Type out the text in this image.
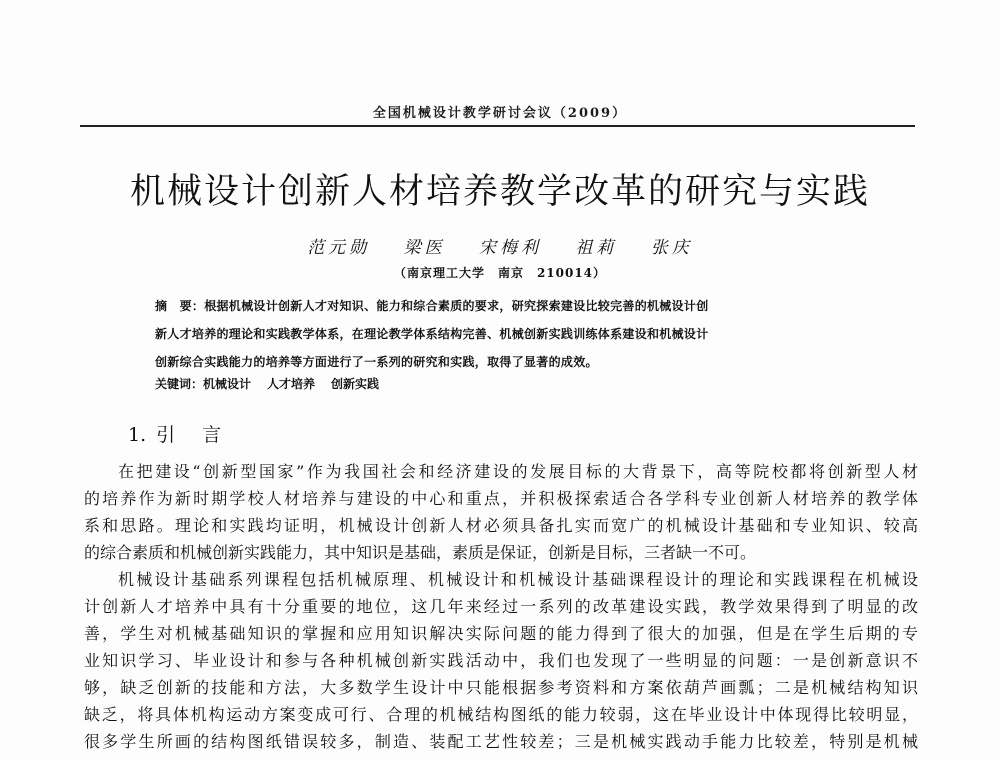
全国机械设计教学研讨会议（2009）
机械设计创新人材培养教学改革的研究与实践
范元勋 梁医 宋梅利 祖莉 张庆
（南京理工大学　南京　210014）
摘　要：根据机械设计创新人才对知识、能力和综合素质的要求，研究探索建设比较完善的机械设计创
新人才培养的理论和实践教学体系，在理论教学体系结构完善、机械创新实践训练体系建设和机械设计
创新综合实践能力的培养等方面进行了一系列的研究和实践，取得了显著的成效。
关键词：机械设计 人才培养 创新实践
1. 引　言
在把建设“创新型国家”作为我国社会和经济建设的发展目标的大背景下，高等院校都将创新型人材
的培养作为新时期学校人材培养与建设的中心和重点，并积极探索适合各学科专业创新人材培养的教学体
系和思路。理论和实践均证明，机械设计创新人材必须具备扎实而宽广的机械设计基础和专业知识、较高
的综合素质和机械创新实践能力，其中知识是基础，素质是保证，创新是目标，三者缺一不可。
机械设计基础系列课程包括机械原理、机械设计和机械设计基础课程设计的理论和实践课程在机械设
计创新人才培养中具有十分重要的地位，这几年来经过一系列的改革建设实践，教学效果得到了明显的改
善，学生对机械基础知识的掌握和应用知识解决实际问题的能力得到了很大的加强，但是在学生后期的专
业知识学习、毕业设计和参与各种机械创新实践活动中，我们也发现了一些明显的问题：一是创新意识不
够，缺乏创新的技能和方法，大多数学生设计中只能根据参考资料和方案依葫芦画瓢；二是机械结构知识
缺乏，将具体机构运动方案变成可行、合理的机械结构图纸的能力较弱，这在毕业设计中体现得比较明显，
很多学生所画的结构图纸错误较多，制造、装配工艺性较差；三是机械实践动手能力比较差，特别是机械
